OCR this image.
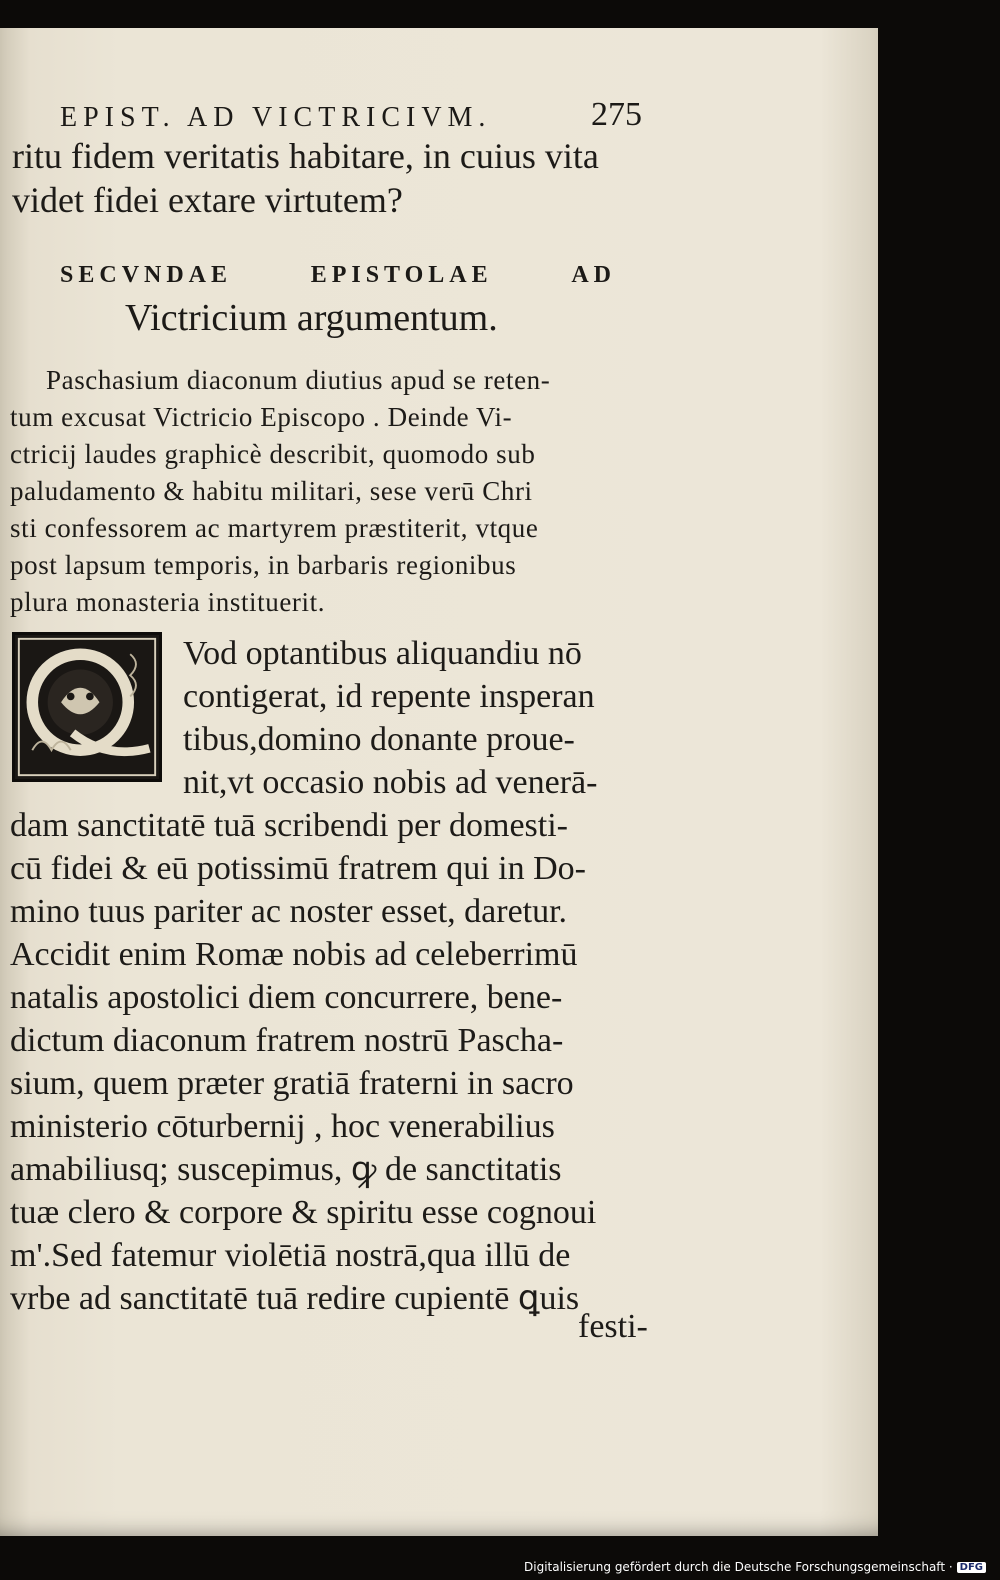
EPIST. AD VICTRICIVM.	275
ritu fidem veritatis habitare, in cuius vita
videt fidei extare virtutem?
SECVNDAE	EPISTOLAE	AD
Victricium argumentum.
Paschasium diaconum diutius apud se reten-
tum excusat Victricio Episcopo . Deinde Vi-
ctricij laudes graphicè describit, quomodo sub
paludamento & habitu militari, sese verū Chri
sti confessorem ac martyrem præstiterit, vtque
post lapsum temporis, in barbaris regionibus
plura monasteria instituerit.
Vod optantibus aliquandiu nō
contigerat, id repente insperan
tibus,domino donante proue-
nit,vt occasio nobis ad venerā-
dam sanctitatē tuā scribendi per domesti-
cū fidei & eū potissimū fratrem qui in Do-
mino tuus pariter ac noster esset, daretur.
Accidit enim Romæ nobis ad celeberrimū
natalis apostolici diem concurrere, bene-
dictum diaconum fratrem nostrū Pascha-
sium, quem præter gratiā fraterni in sacro
ministerio cōturbernij , hoc venerabilius
amabiliusq; suscepimus, ꝙ de sanctitatis
tuæ clero & corpore & spiritu esse cognoui
m'.Sed fatemur violētiā nostrā,qua illū de
vrbe ad sanctitatē tuā redire cupientē ꝗuis
festi-
Digitalisierung gefördert durch die Deutsche Forschungsgemeinschaft · DFG
